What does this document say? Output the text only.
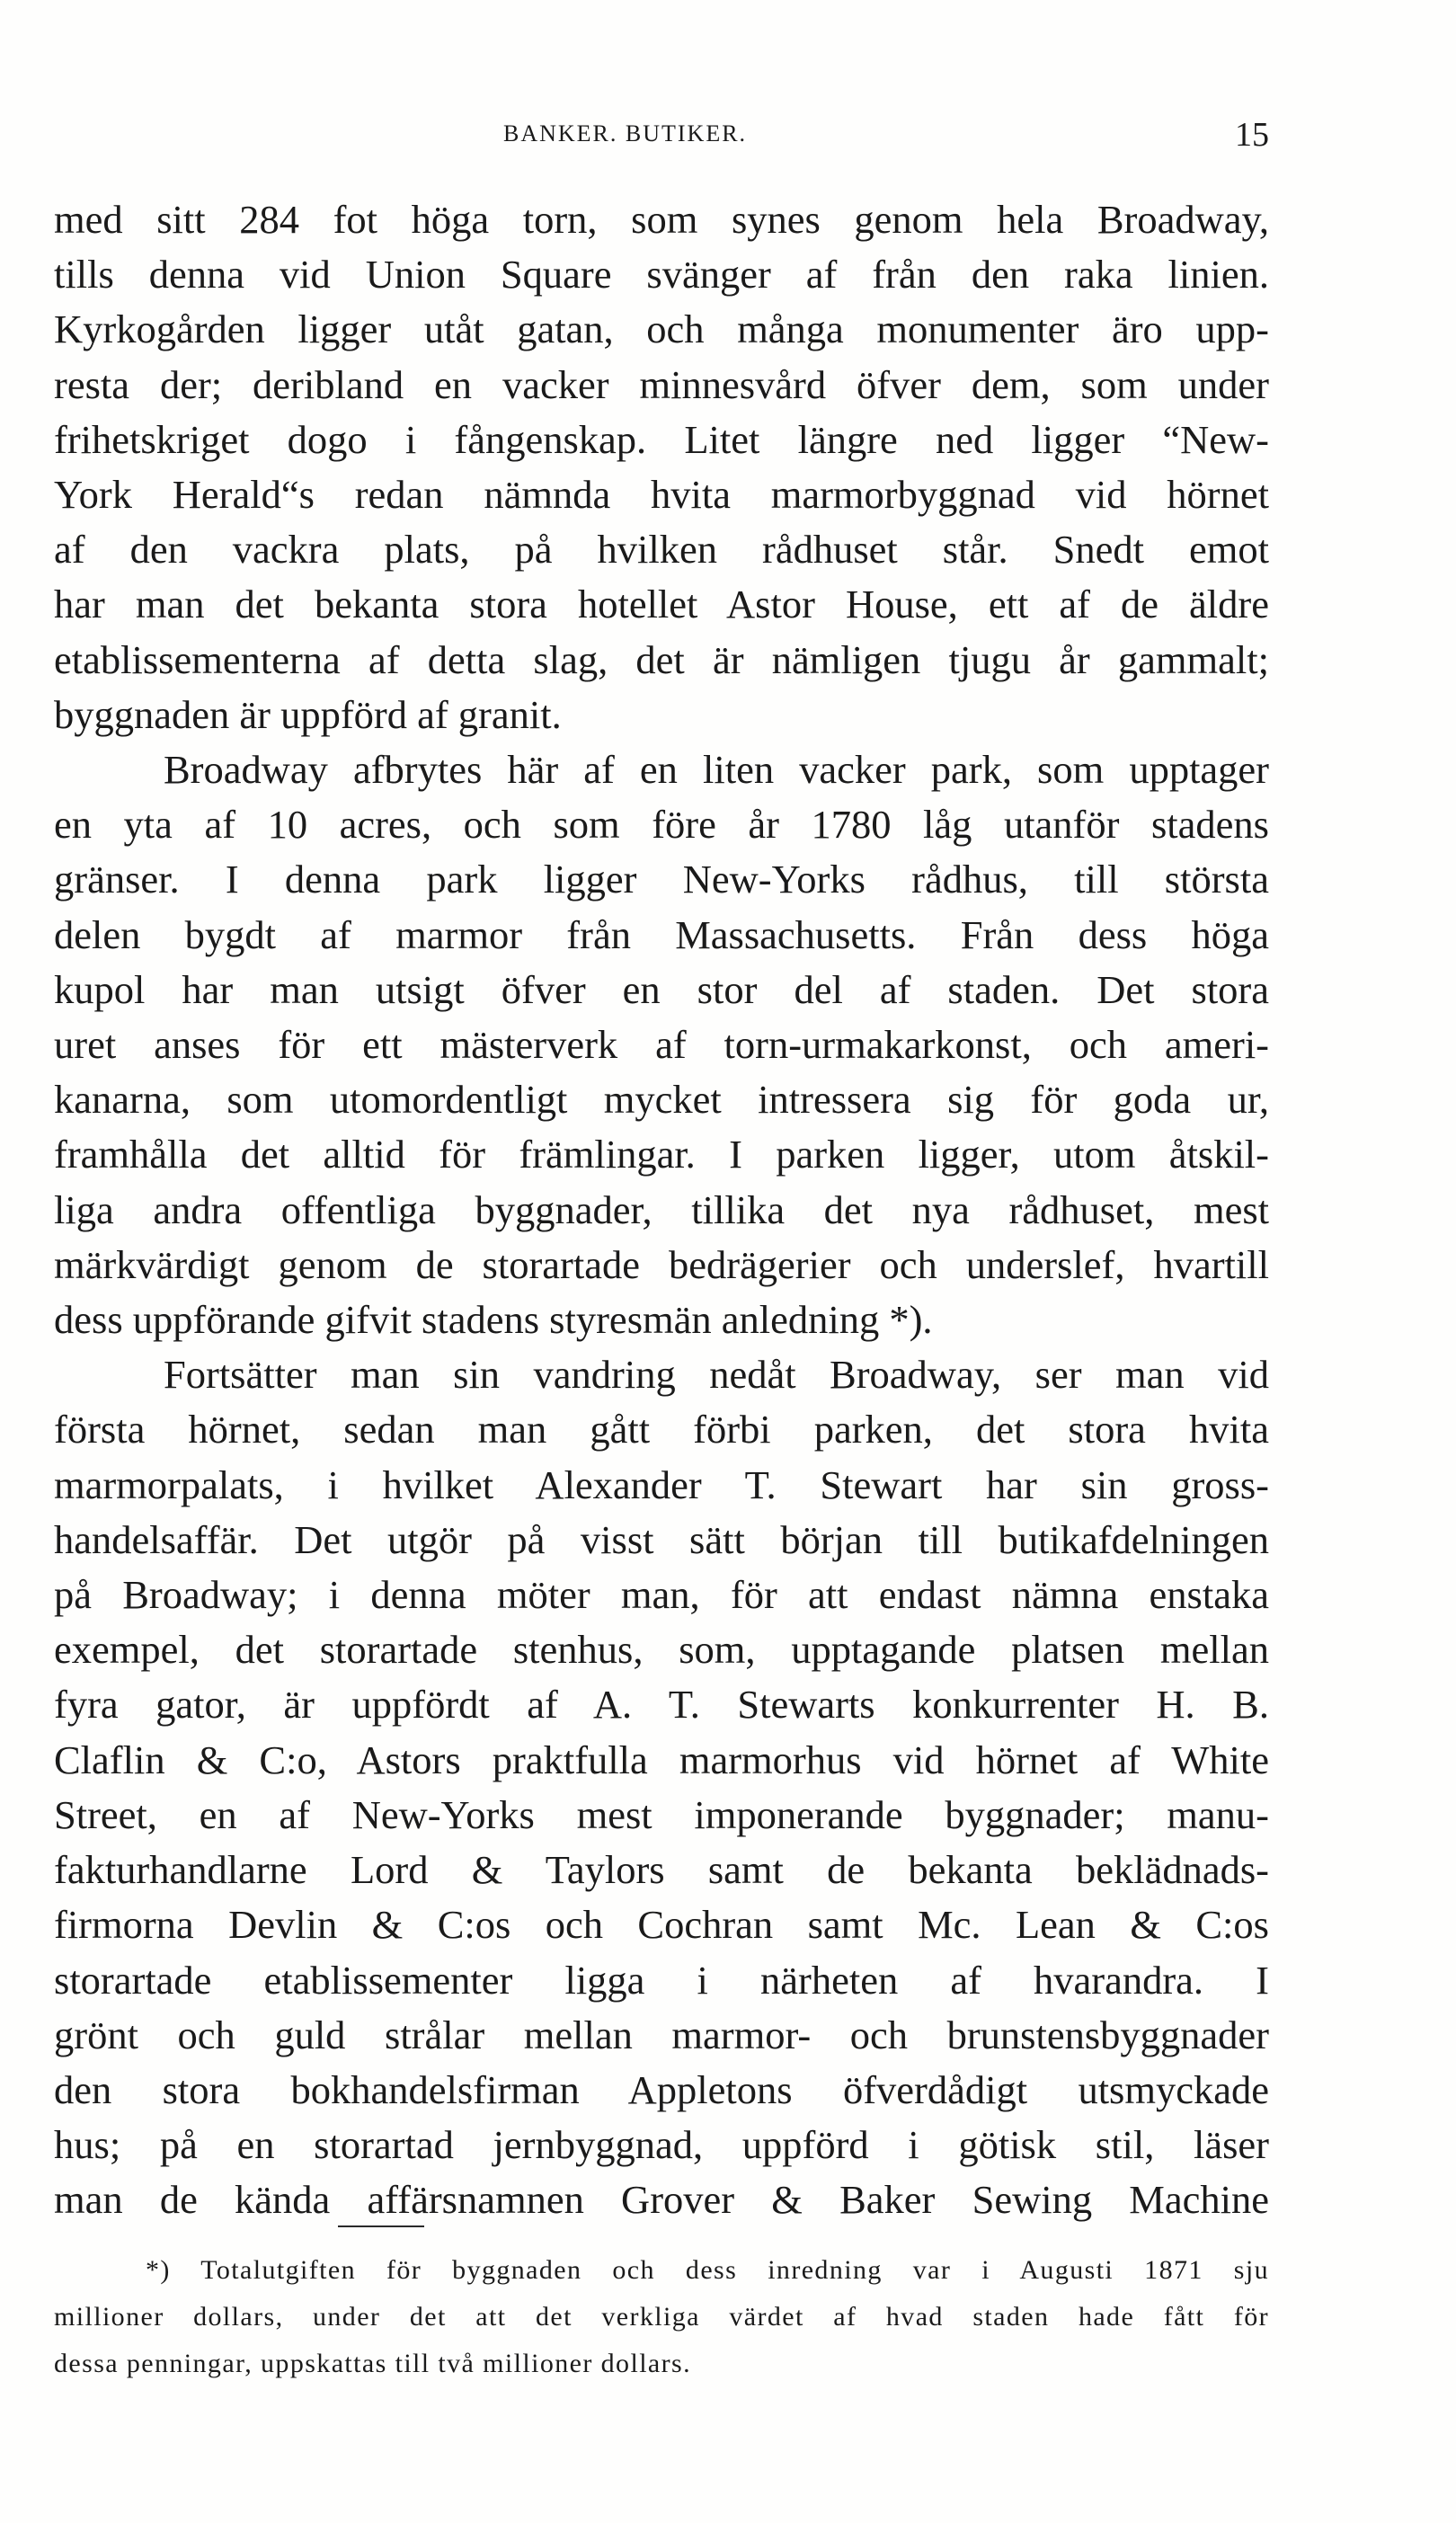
BANKER. BUTIKER.	15
med sitt 284 fot höga torn, som synes genom hela Broadway,
tills denna vid Union Square svänger af från den raka linien.
Kyrkogården ligger utåt gatan, och många monumenter äro upp-
resta der; deribland en vacker minnesvård öfver dem, som under
frihetskriget dogo i fångenskap. Litet längre ned ligger “New-
York Herald“s redan nämnda hvita marmorbyggnad vid hörnet
af den vackra plats, på hvilken rådhuset står. Snedt emot
har man det bekanta stora hotellet Astor House, ett af de äldre
etablissementerna af detta slag, det är nämligen tjugu år gammalt;
byggnaden är uppförd af granit.
Broadway afbrytes här af en liten vacker park, som upptager
en yta af 10 acres, och som före år 1780 låg utanför stadens
gränser. I denna park ligger New-Yorks rådhus, till största
delen bygdt af marmor från Massachusetts. Från dess höga
kupol har man utsigt öfver en stor del af staden. Det stora
uret anses för ett mästerverk af torn-urmakarkonst, och ameri-
kanarna, som utomordentligt mycket intressera sig för goda ur,
framhålla det alltid för främlingar. I parken ligger, utom åtskil-
liga andra offentliga byggnader, tillika det nya rådhuset, mest
märkvärdigt genom de storartade bedrägerier och underslef, hvartill
dess uppförande gifvit stadens styresmän anledning *).
Fortsätter man sin vandring nedåt Broadway, ser man vid
första hörnet, sedan man gått förbi parken, det stora hvita
marmorpalats, i hvilket Alexander T. Stewart har sin gross-
handelsaffär. Det utgör på visst sätt början till butikafdelningen
på Broadway; i denna möter man, för att endast nämna enstaka
exempel, det storartade stenhus, som, upptagande platsen mellan
fyra gator, är uppfördt af A. T. Stewarts konkurrenter H. B.
Claflin & C:o, Astors praktfulla marmorhus vid hörnet af White
Street, en af New-Yorks mest imponerande byggnader; manu-
fakturhandlarne Lord & Taylors samt de bekanta beklädnads-
firmorna Devlin & C:os och Cochran samt Mc. Lean & C:os
storartade etablissementer ligga i närheten af hvarandra. I
grönt och guld strålar mellan marmor- och brunstensbyggnader
den stora bokhandelsfirman Appletons öfverdådigt utsmyckade
hus; på en storartad jernbyggnad, uppförd i götisk stil, läser
man de kända affärsnamnen Grover & Baker Sewing Machine
*) Totalutgiften för byggnaden och dess inredning var i Augusti 1871 sju
millioner dollars, under det att det verkliga värdet af hvad staden hade fått för
dessa penningar, uppskattas till två millioner dollars.
